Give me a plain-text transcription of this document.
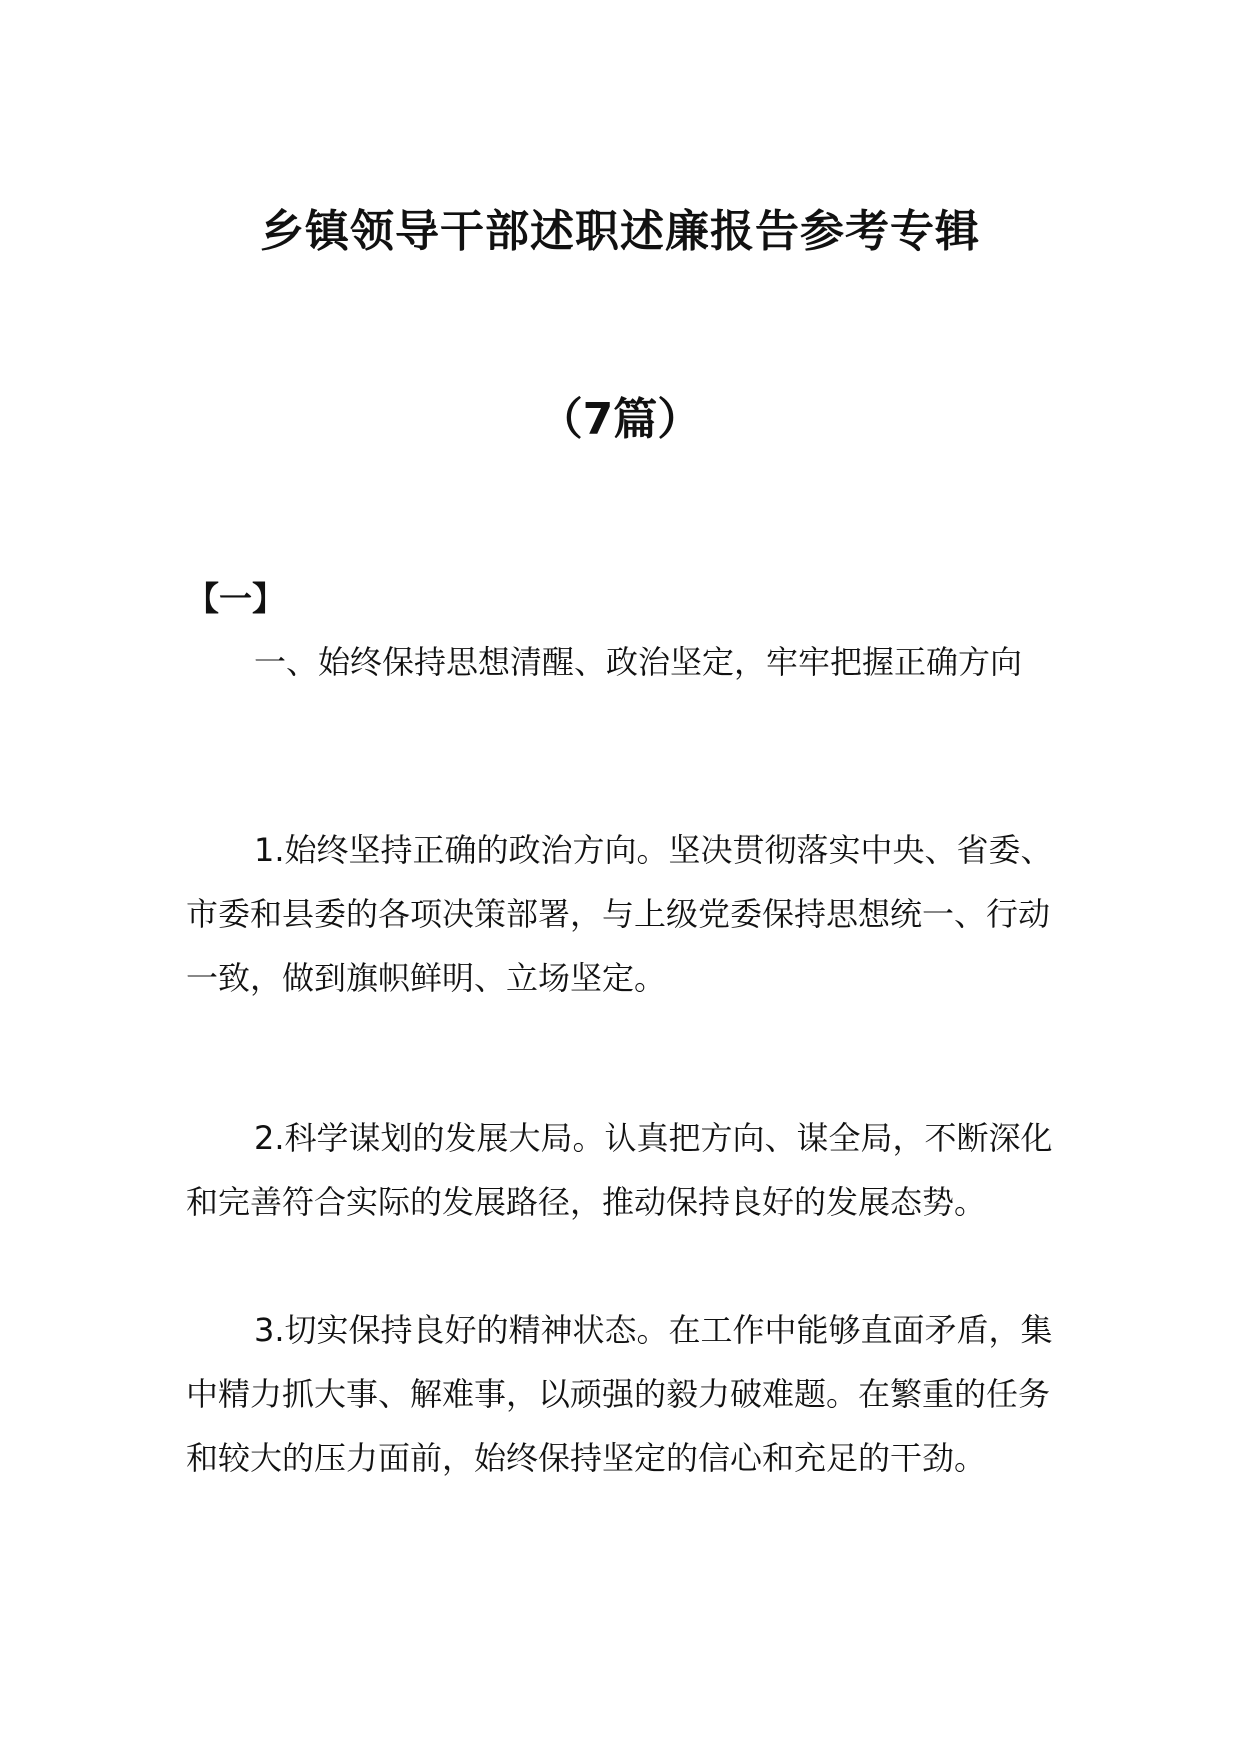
乡镇领导干部述职述廉报告参考专辑
（7篇）
【一】

一、始终保持思想清醒、政治坚定，牢牢把握正确方向

1.始终坚持正确的政治方向。坚决贯彻落实中央、省委、市委和县委的各项决策部署，与上级党委保持思想统一、行动一致，做到旗帜鲜明、立场坚定。

2.科学谋划的发展大局。认真把方向、谋全局，不断深化和完善符合实际的发展路径，推动保持良好的发展态势。

3.切实保持良好的精神状态。在工作中能够直面矛盾，集中精力抓大事、解难事，以顽强的毅力破难题。在繁重的任务和较大的压力面前，始终保持坚定的信心和充足的干劲。
